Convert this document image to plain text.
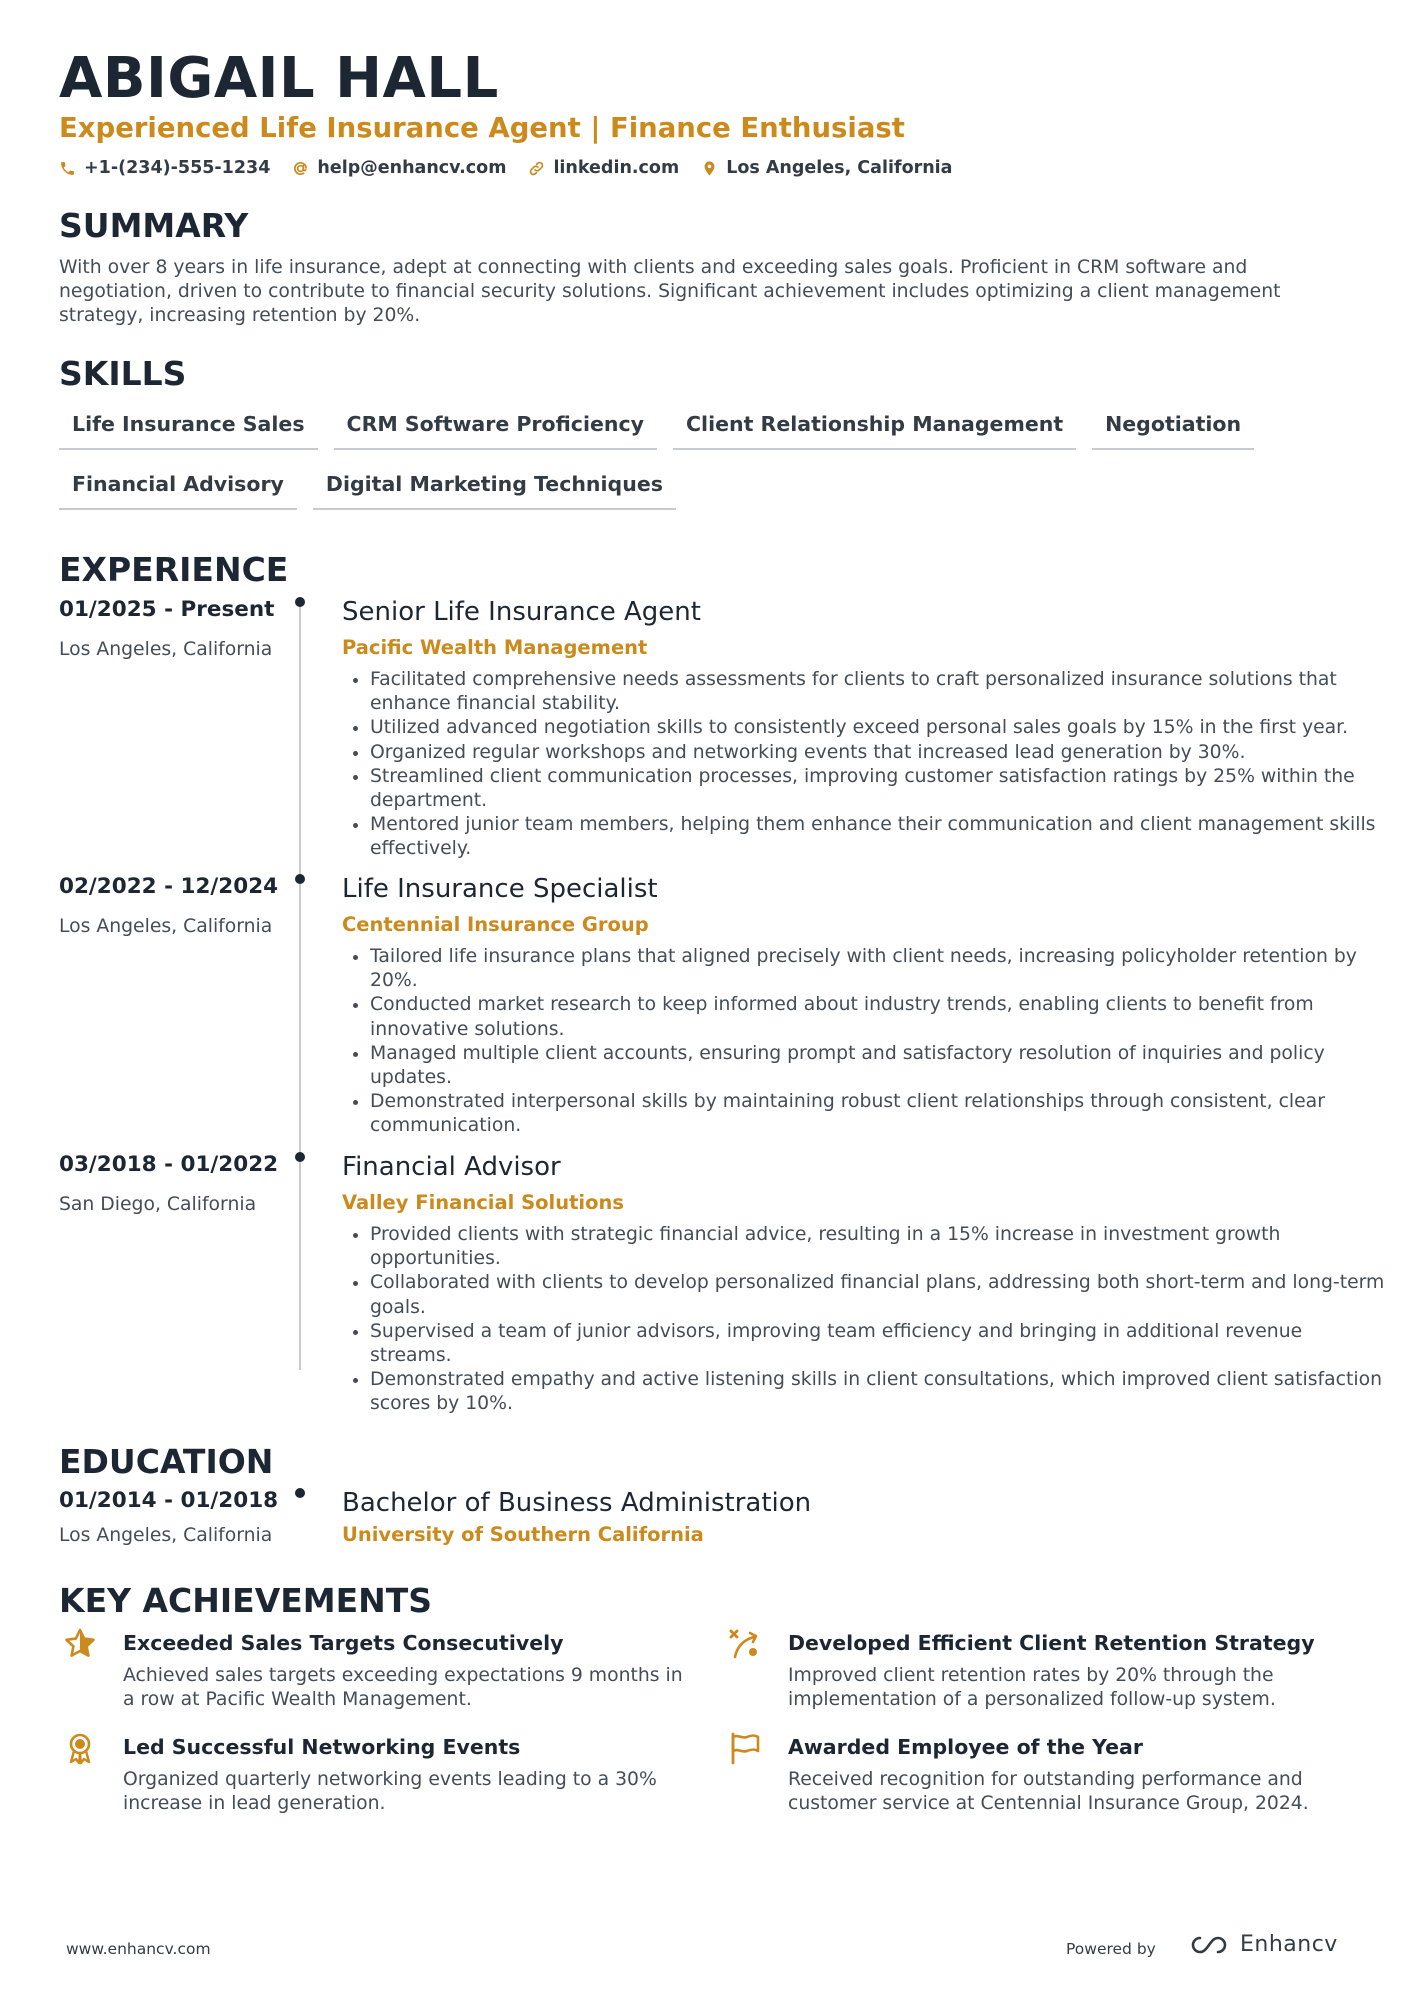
ABIGAIL HALL
Experienced Life Insurance Agent | Finance Enthusiast
+1-(234)-555-1234	help@enhancv.com	linkedin.com	Los Angeles, California
SUMMARY
With over 8 years in life insurance, adept at connecting with clients and exceeding sales goals. Proficient in CRM software and negotiation, driven to contribute to financial security solutions. Significant achievement includes optimizing a client management strategy, increasing retention by 20%.
SKILLS
Life Insurance Sales	CRM Software Proficiency	Client Relationship Management	Negotiation
Financial Advisory	Digital Marketing Techniques
EXPERIENCE
01/2025 - Present
Los Angeles, California
Senior Life Insurance Agent
Pacific Wealth Management
• Facilitated comprehensive needs assessments for clients to craft personalized insurance solutions that enhance financial stability.
• Utilized advanced negotiation skills to consistently exceed personal sales goals by 15% in the first year.
• Organized regular workshops and networking events that increased lead generation by 30%.
• Streamlined client communication processes, improving customer satisfaction ratings by 25% within the department.
• Mentored junior team members, helping them enhance their communication and client management skills effectively.
02/2022 - 12/2024
Los Angeles, California
Life Insurance Specialist
Centennial Insurance Group
• Tailored life insurance plans that aligned precisely with client needs, increasing policyholder retention by 20%.
• Conducted market research to keep informed about industry trends, enabling clients to benefit from innovative solutions.
• Managed multiple client accounts, ensuring prompt and satisfactory resolution of inquiries and policy updates.
• Demonstrated interpersonal skills by maintaining robust client relationships through consistent, clear communication.
03/2018 - 01/2022
San Diego, California
Financial Advisor
Valley Financial Solutions
• Provided clients with strategic financial advice, resulting in a 15% increase in investment growth opportunities.
• Collaborated with clients to develop personalized financial plans, addressing both short-term and long-term goals.
• Supervised a team of junior advisors, improving team efficiency and bringing in additional revenue streams.
• Demonstrated empathy and active listening skills in client consultations, which improved client satisfaction scores by 10%.
EDUCATION
01/2014 - 01/2018
Los Angeles, California
Bachelor of Business Administration
University of Southern California
KEY ACHIEVEMENTS
Exceeded Sales Targets Consecutively
Achieved sales targets exceeding expectations 9 months in a row at Pacific Wealth Management.
Developed Efficient Client Retention Strategy
Improved client retention rates by 20% through the implementation of a personalized follow-up system.
Led Successful Networking Events
Organized quarterly networking events leading to a 30% increase in lead generation.
Awarded Employee of the Year
Received recognition for outstanding performance and customer service at Centennial Insurance Group, 2024.
www.enhancv.com	Powered by	Enhancv
